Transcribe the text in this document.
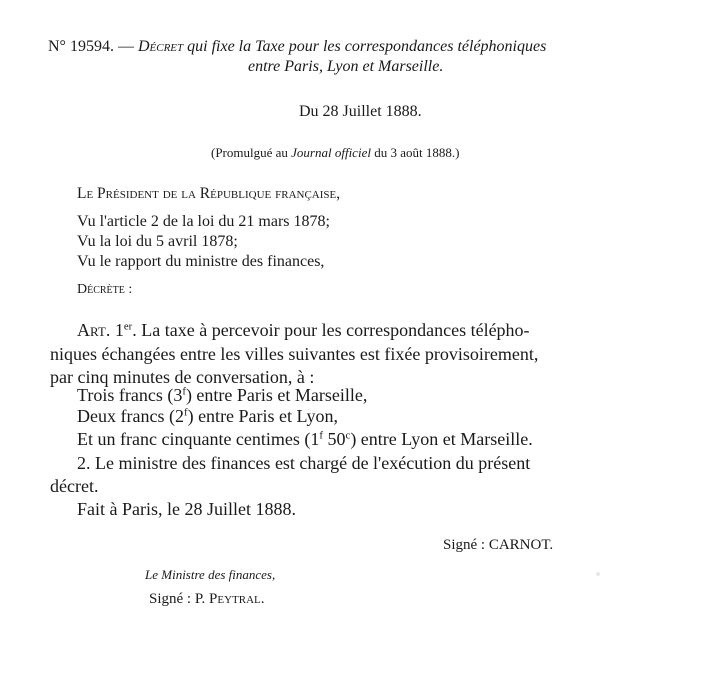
N° 19594. — Décret qui fixe la Taxe pour les correspondances téléphoniques
entre Paris, Lyon et Marseille.
Du 28 Juillet 1888.
(Promulgué au Journal officiel du 3 août 1888.)
Le Président de la République française,
Vu l'article 2 de la loi du 21 mars 1878;
Vu la loi du 5 avril 1878;
Vu le rapport du ministre des finances,
Décrète :
Art. 1er. La taxe à percevoir pour les correspondances télépho-
niques échangées entre les villes suivantes est fixée provisoirement,
par cinq minutes de conversation, à :
Trois francs (3$^f$) entre Paris et Marseille,
Deux francs (2$^f$) entre Paris et Lyon,
Et un franc cinquante centimes (1$^f$ 50$^c$) entre Lyon et Marseille.
2. Le ministre des finances est chargé de l'exécution du présent
décret.
Fait à Paris, le 28 Juillet 1888.
Signé : CARNOT.
Le Ministre des finances,
Signé : P. Peytral.
